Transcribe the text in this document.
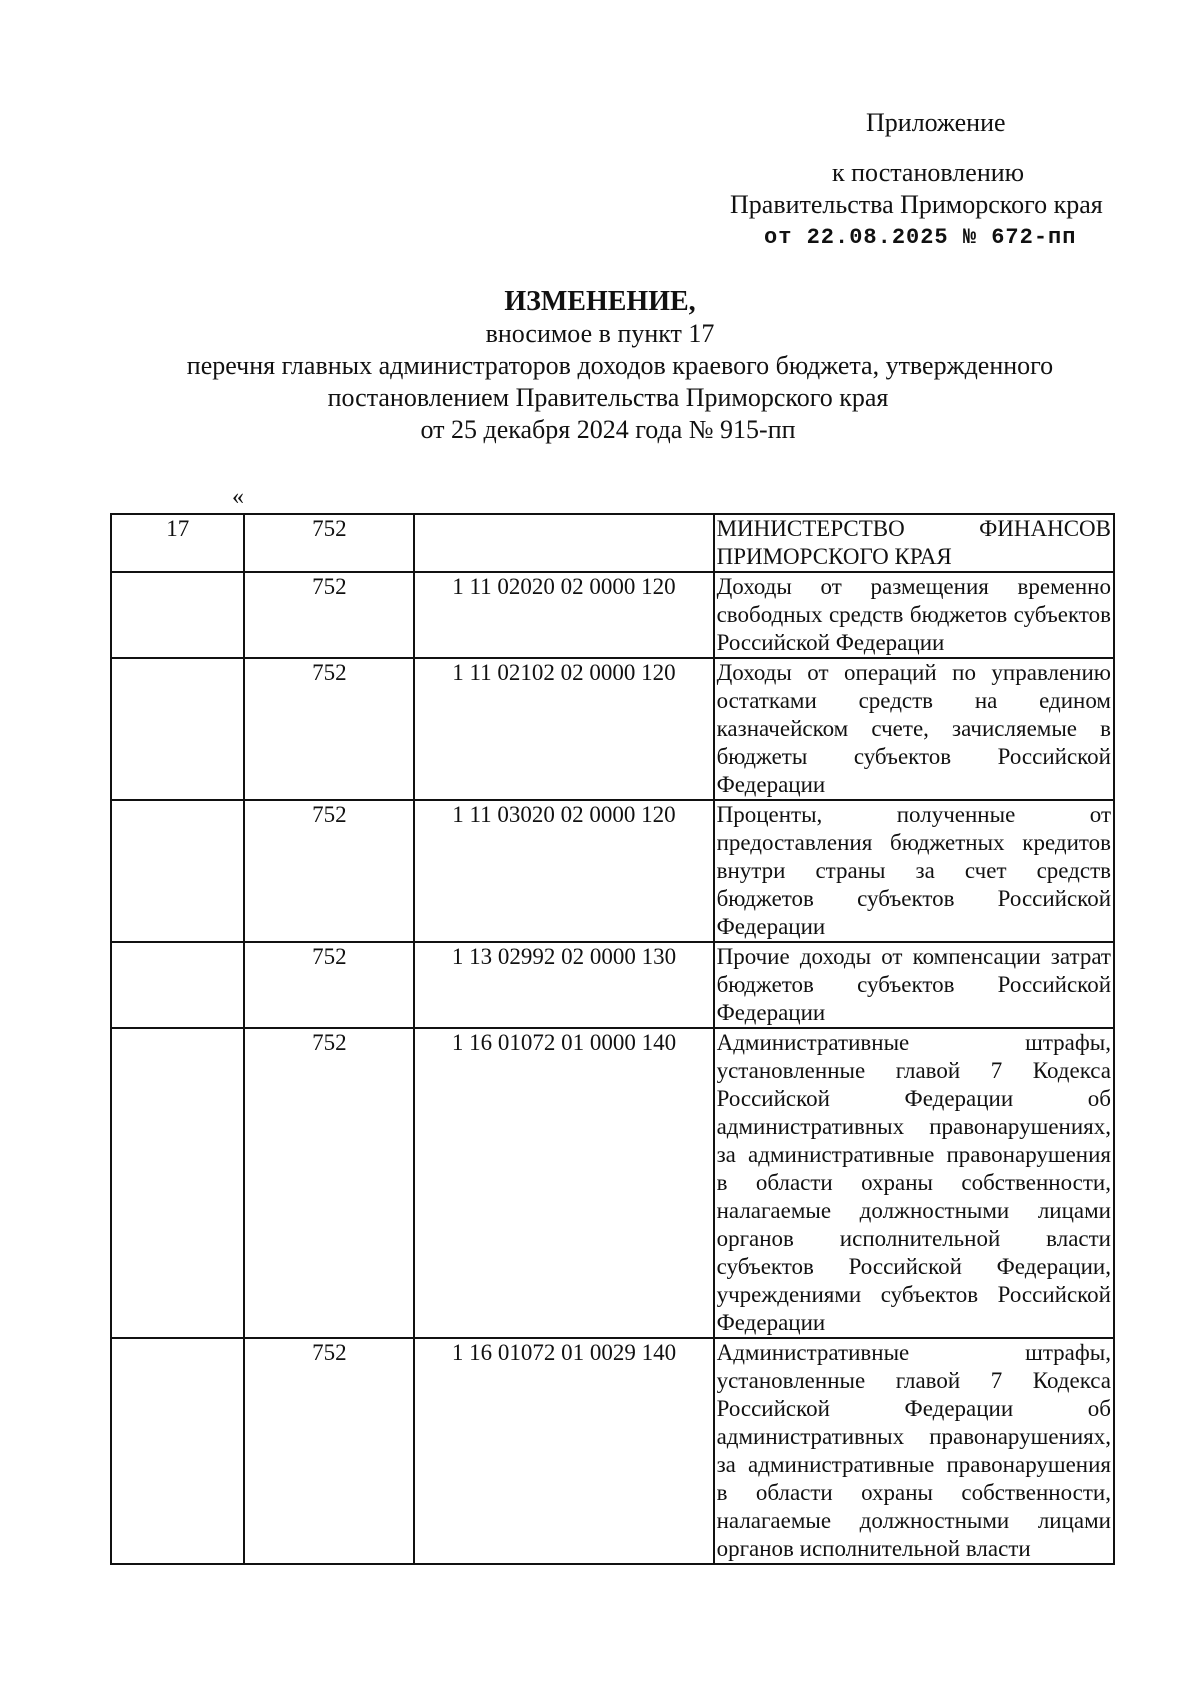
Приложение
к постановлению
Правительства Приморского края
от 22.08.2025 № 672-пп
ИЗМЕНЕНИЕ,
вносимое в пункт 17
перечня главных администраторов доходов краевого бюджета, утвержденного
постановлением Правительства Приморского края
от 25 декабря 2024 года № 915-пп
«
17	752		МИНИСТЕРСТВО ФИНАНСОВ ПРИМОРСКОГО КРАЯ
	752	1 11 02020 02 0000 120	Доходы от размещения временно свободных средств бюджетов субъектов Российской Федерации
	752	1 11 02102 02 0000 120	Доходы от операций по управлению остатками средств на едином казначейском счете, зачисляемые в бюджеты субъектов Российской Федерации
	752	1 11 03020 02 0000 120	Проценты, полученные от предоставления бюджетных кредитов внутри страны за счет средств бюджетов субъектов Российской Федерации
	752	1 13 02992 02 0000 130	Прочие доходы от компенсации затрат бюджетов субъектов Российской Федерации
	752	1 16 01072 01 0000 140	Административные штрафы, установленные главой 7 Кодекса Российской Федерации об административных правонарушениях, за административные правонарушения в области охраны собственности, налагаемые должностными лицами органов исполнительной власти субъектов Российской Федерации, учреждениями субъектов Российской Федерации
	752	1 16 01072 01 0029 140	Административные штрафы, установленные главой 7 Кодекса Российской Федерации об административных правонарушениях, за административные правонарушения в области охраны собственности, налагаемые должностными лицами органов исполнительной власти
